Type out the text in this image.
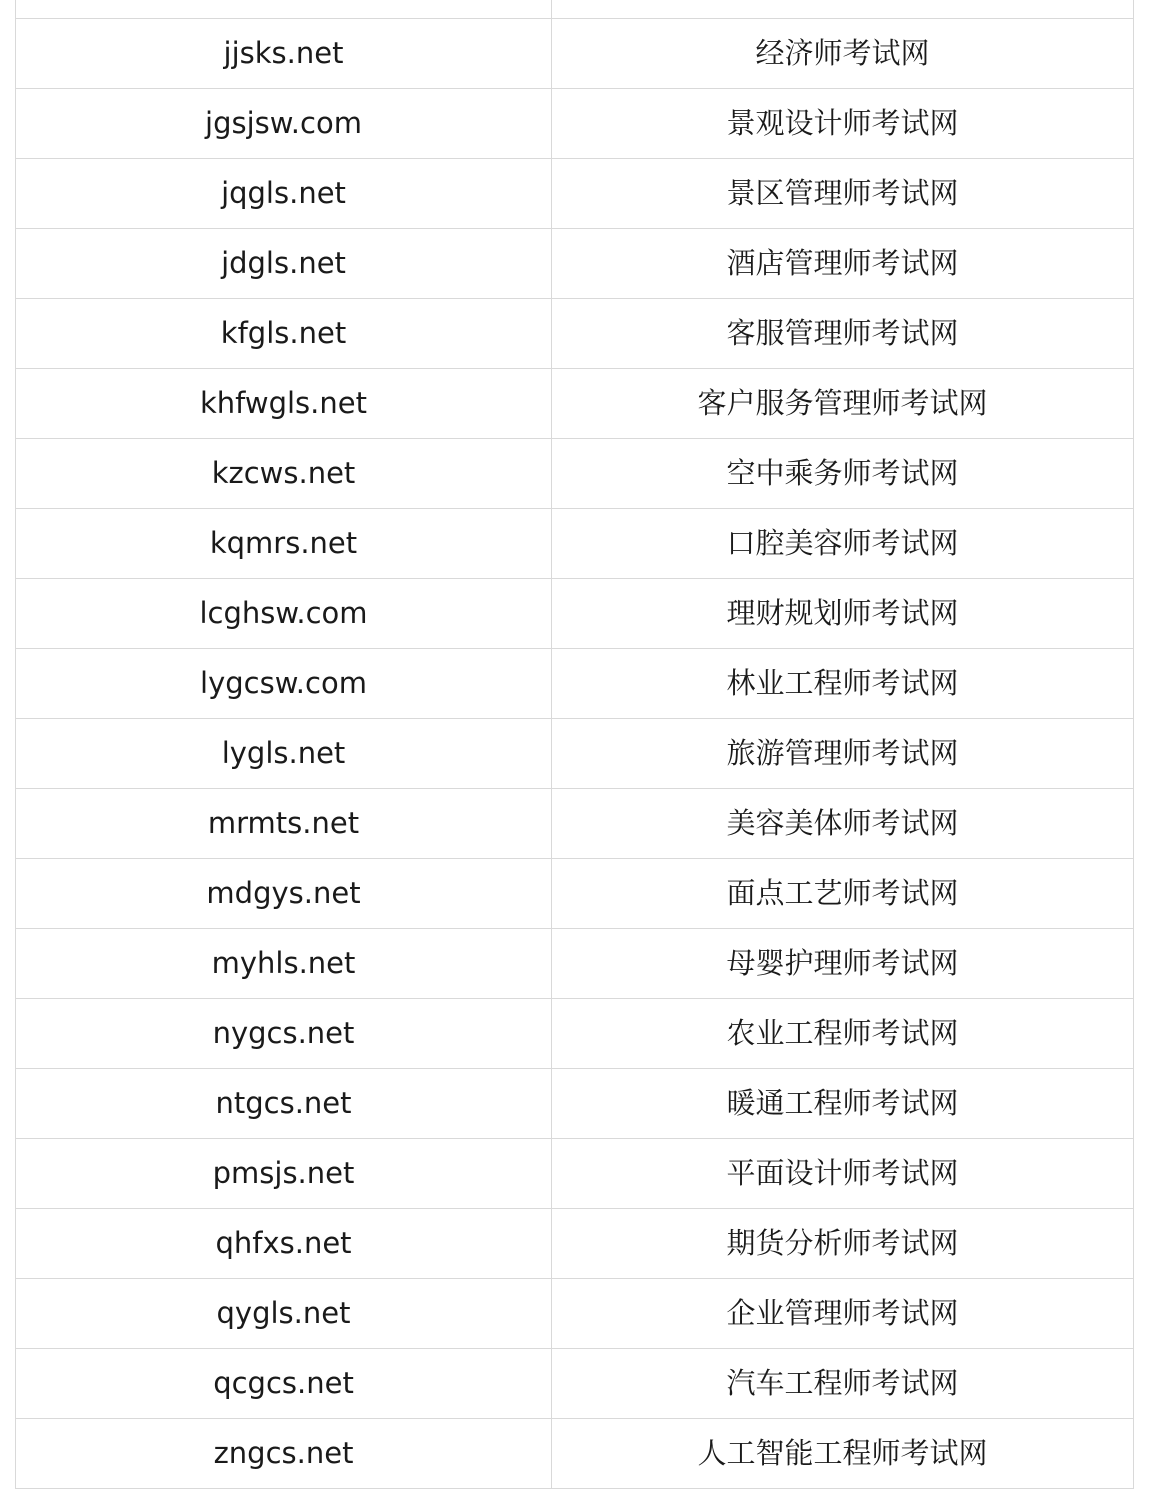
jjsks.net	经济师考试网
jgsjsw.com	景观设计师考试网
jqgls.net	景区管理师考试网
jdgls.net	酒店管理师考试网
kfgls.net	客服管理师考试网
khfwgls.net	客户服务管理师考试网
kzcws.net	空中乘务师考试网
kqmrs.net	口腔美容师考试网
lcghsw.com	理财规划师考试网
lygcsw.com	林业工程师考试网
lygls.net	旅游管理师考试网
mrmts.net	美容美体师考试网
mdgys.net	面点工艺师考试网
myhls.net	母婴护理师考试网
nygcs.net	农业工程师考试网
ntgcs.net	暖通工程师考试网
pmsjs.net	平面设计师考试网
qhfxs.net	期货分析师考试网
qygls.net	企业管理师考试网
qcgcs.net	汽车工程师考试网
zngcs.net	人工智能工程师考试网
